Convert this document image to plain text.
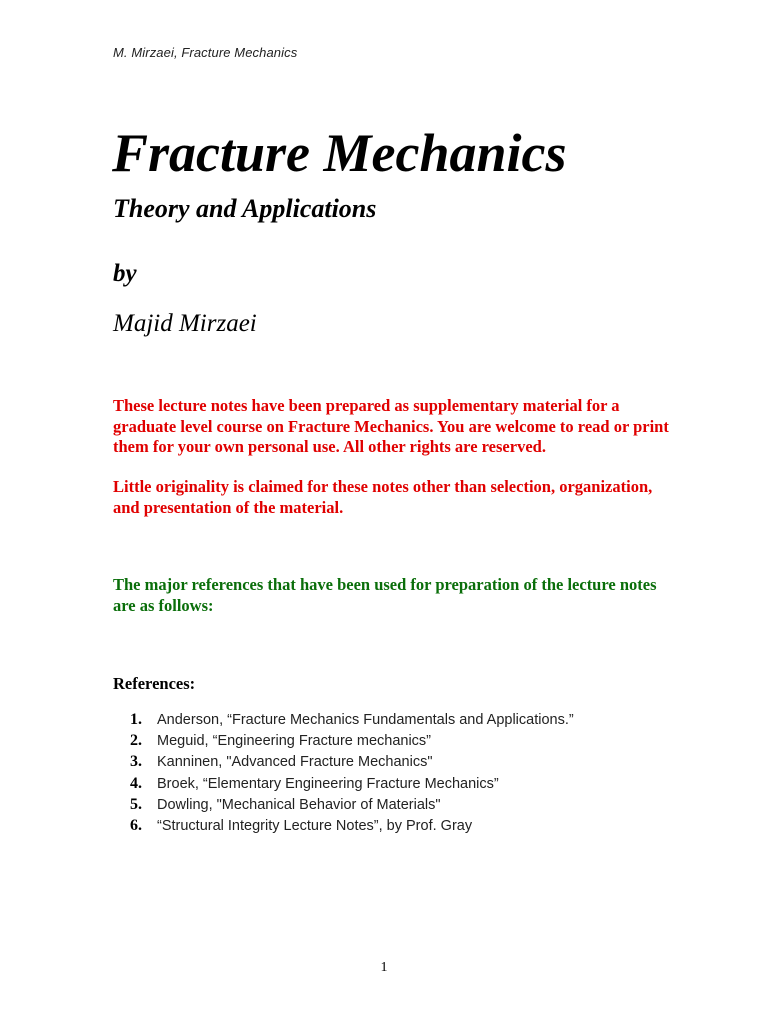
M. Mirzaei, Fracture Mechanics
Fracture Mechanics
Theory and Applications
by
Majid Mirzaei
These lecture notes have been prepared as supplementary material for a graduate level course on Fracture Mechanics. You are welcome to read or print them for your own personal use. All other rights are reserved.
Little originality is claimed for these notes other than selection, organization, and presentation of the material.
The major references that have been used for preparation of the lecture notes are as follows:
References:
1.	Anderson, “Fracture Mechanics Fundamentals and Applications.”
2.	Meguid, “Engineering Fracture mechanics”
3.	Kanninen, "Advanced Fracture Mechanics"
4.	Broek, “Elementary Engineering Fracture Mechanics”
5.	Dowling, "Mechanical Behavior of Materials"
6.	“Structural Integrity Lecture Notes”, by Prof. Gray
1
